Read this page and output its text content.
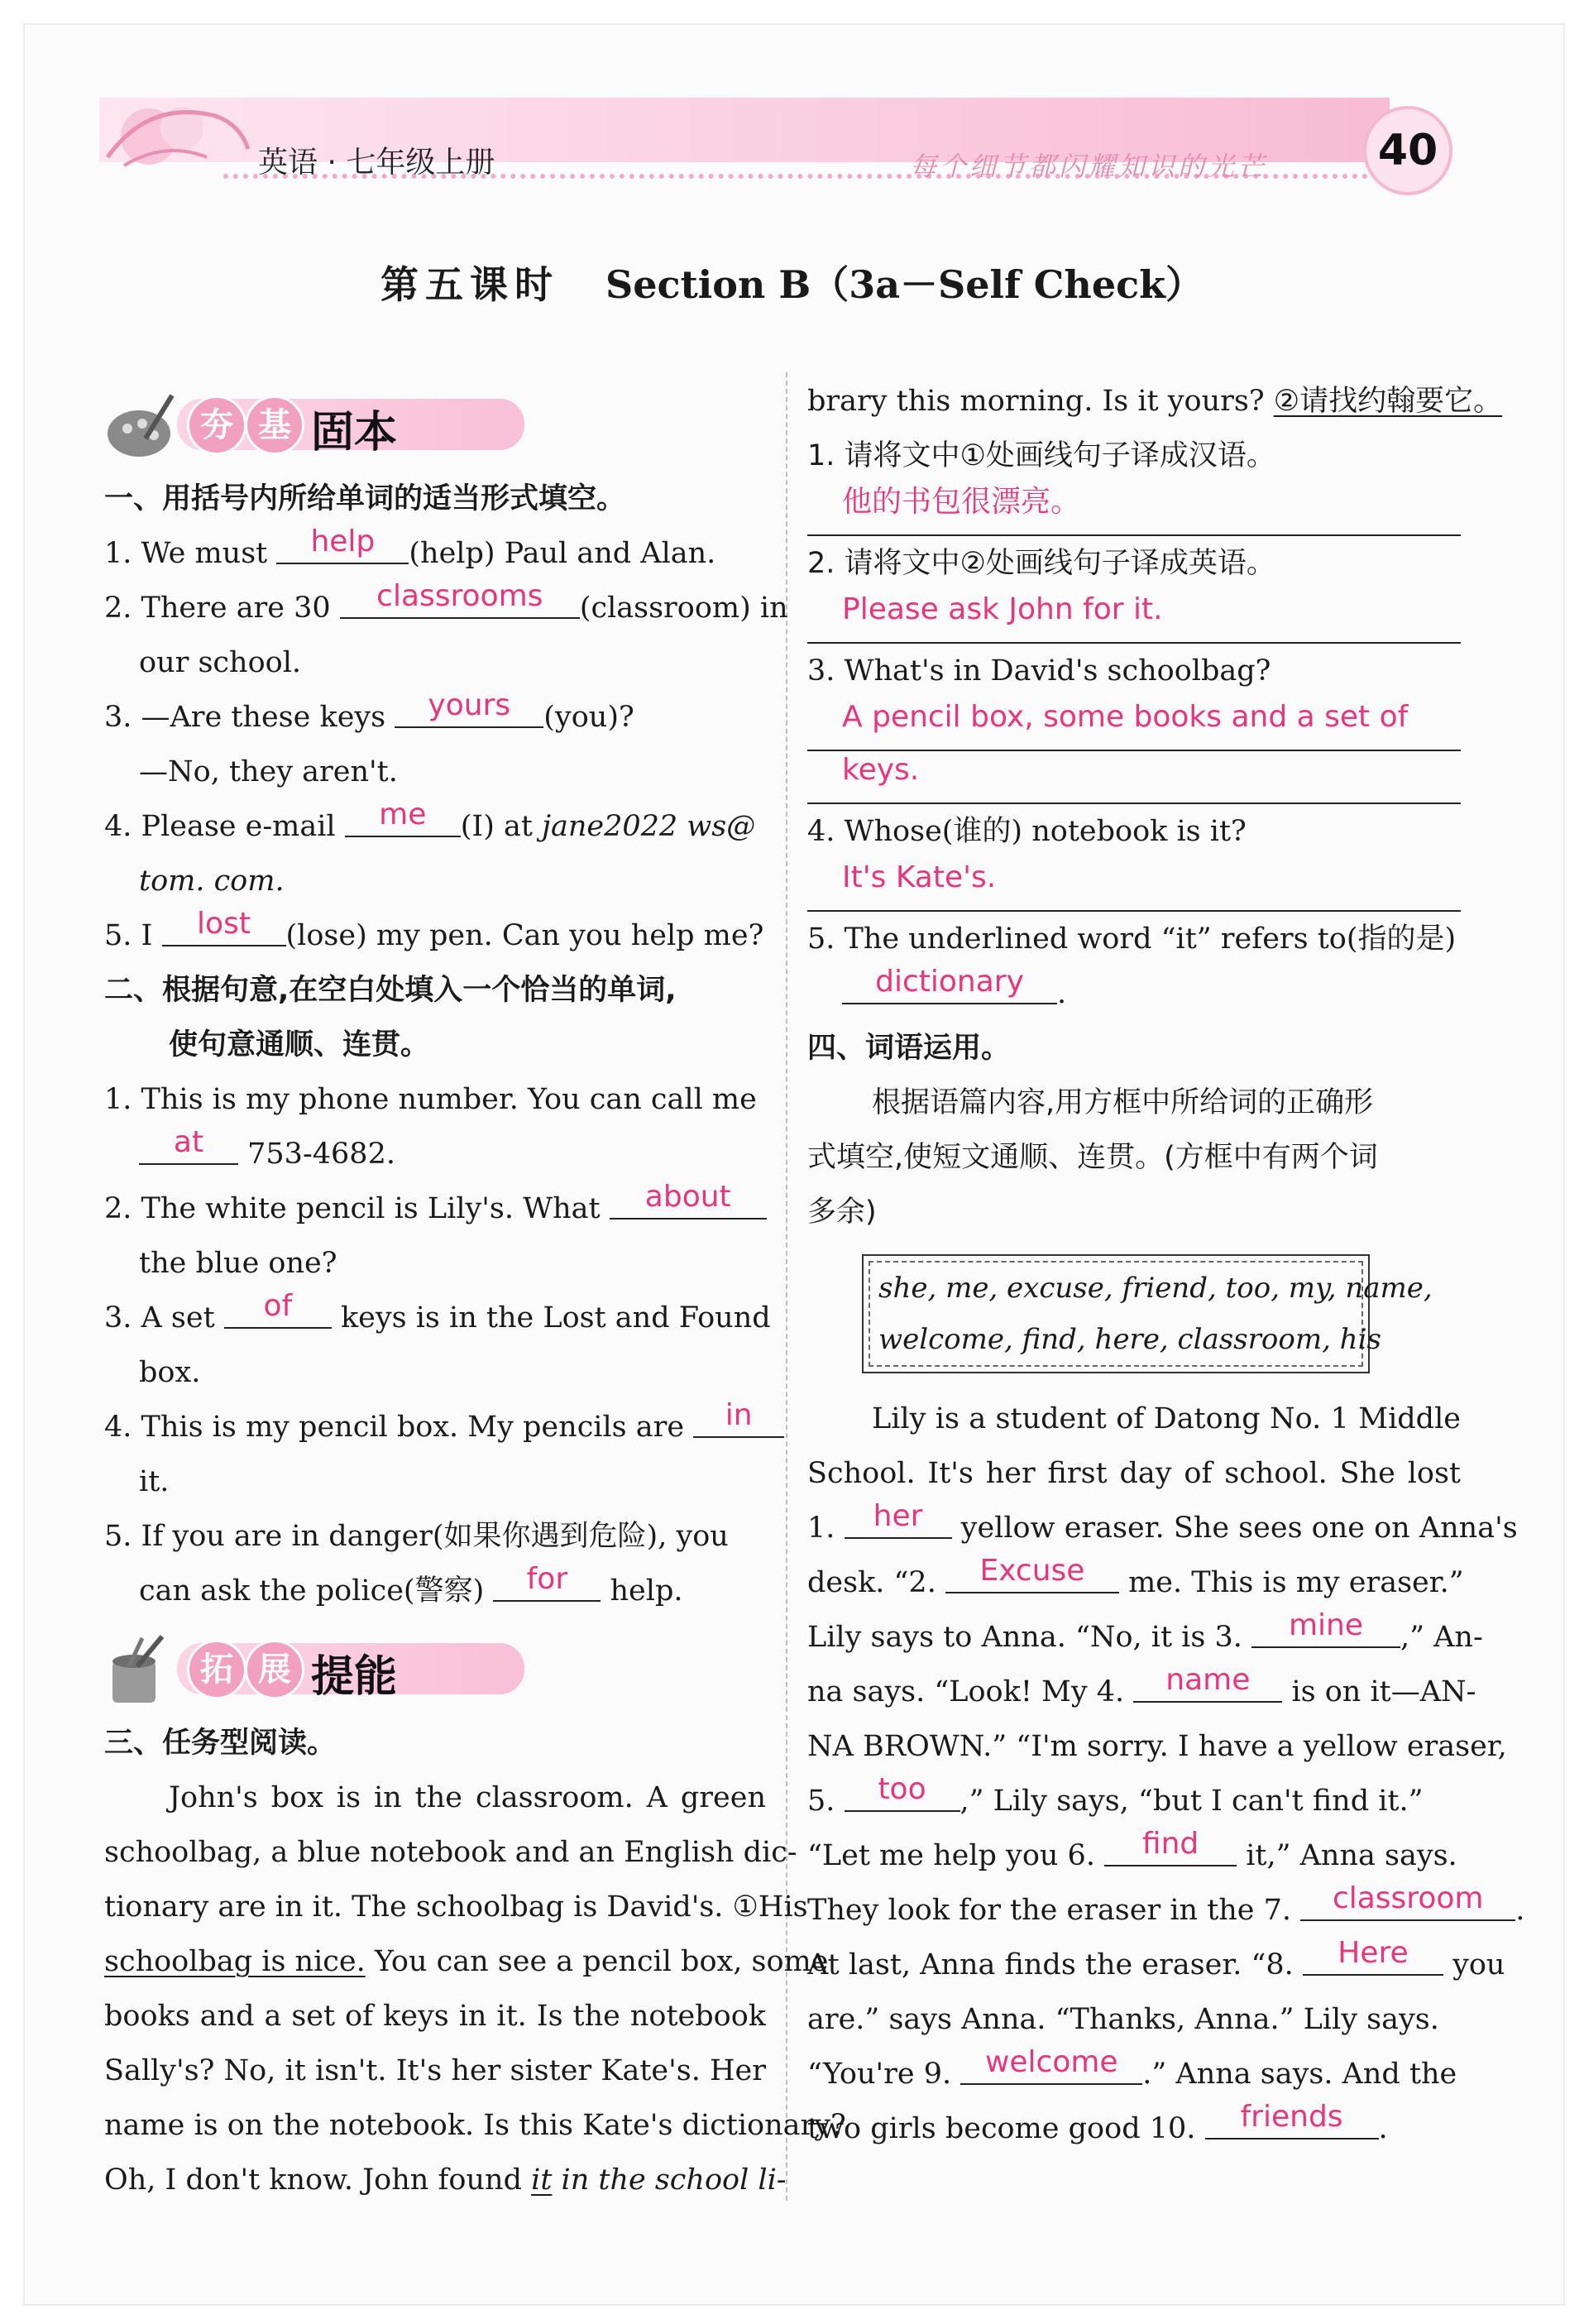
英语 · 七年级上册	每个细节都闪耀知识的光芒	40
第五课时 Section B（3a－Self Check）
夯 基 固本
一、用括号内所给单词的适当形式填空。
1. We must help (help) Paul and Alan.
2. There are 30 classrooms (classroom) in
our school.
3. —Are these keys yours (you)?
—No, they aren't.
4. Please e-mail me (I) at jane2022 ws@
tom. com.
5. I lost (lose) my pen. Can you help me?
二、根据句意,在空白处填入一个恰当的单词,
使句意通顺、连贯。
1. This is my phone number. You can call me
at 753-4682.
2. The white pencil is Lily's. What about
the blue one?
3. A set of keys is in the Lost and Found
box.
4. This is my pencil box. My pencils are in
it.
5. If you are in danger(如果你遇到危险), you
can ask the police(警察) for help.
拓 展 提能
三、任务型阅读。
John's box is in the classroom. A green
schoolbag, a blue notebook and an English dic-
tionary are in it. The schoolbag is David's. ①His
schoolbag is nice. You can see a pencil box, some
books and a set of keys in it. Is the notebook
Sally's? No, it isn't. It's her sister Kate's. Her
name is on the notebook. Is this Kate's dictionary?
Oh, I don't know. John found it in the school li-
brary this morning. Is it yours? ②请找约翰要它。
1. 请将文中①处画线句子译成汉语。
他的书包很漂亮。
2. 请将文中②处画线句子译成英语。
Please ask John for it.
3. What's in David's schoolbag?
A pencil box, some books and a set of
keys.
4. Whose(谁的) notebook is it?
It's Kate's.
5. The underlined word “it” refers to(指的是)
dictionary .
四、词语运用。
根据语篇内容,用方框中所给词的正确形
式填空,使短文通顺、连贯。(方框中有两个词
多余)
she, me, excuse, friend, too, my, name,
welcome, find, here, classroom, his
Lily is a student of Datong No. 1 Middle
School. It's her first day of school. She lost
1. her yellow eraser. She sees one on Anna's
desk. “2. Excuse me. This is my eraser.”
Lily says to Anna. “No, it is 3. mine ,” An-
na says. “Look! My 4. name is on it—AN-
NA BROWN.” “I'm sorry. I have a yellow eraser,
5. too ,” Lily says, “but I can't find it.”
“Let me help you 6. find it,” Anna says.
They look for the eraser in the 7. classroom
At last, Anna finds the eraser. “8. Here you
are.” says Anna. “Thanks, Anna.” Lily says.
“You're 9. welcome .” Anna says. And the
two girls become good 10. friends .
